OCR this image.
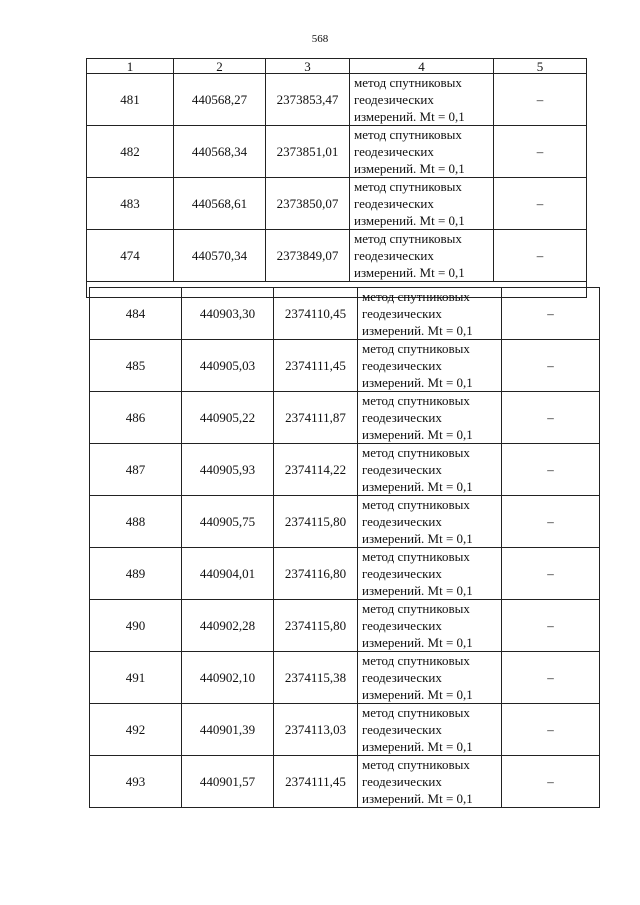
568
1	2	3	4	5
481	440568,27	2373853,47	метод спутниковых
геодезических
измерений. Mt = 0,1	–
482	440568,34	2373851,01	метод спутниковых
геодезических
измерений. Mt = 0,1	–
483	440568,61	2373850,07	метод спутниковых
геодезических
измерений. Mt = 0,1	–
474	440570,34	2373849,07	метод спутниковых
геодезических
измерений. Mt = 0,1	–

484	440903,30	2374110,45	метод спутниковых
геодезических
измерений. Mt = 0,1	–
485	440905,03	2374111,45	метод спутниковых
геодезических
измерений. Mt = 0,1	–
486	440905,22	2374111,87	метод спутниковых
геодезических
измерений. Mt = 0,1	–
487	440905,93	2374114,22	метод спутниковых
геодезических
измерений. Mt = 0,1	–
488	440905,75	2374115,80	метод спутниковых
геодезических
измерений. Mt = 0,1	–
489	440904,01	2374116,80	метод спутниковых
геодезических
измерений. Mt = 0,1	–
490	440902,28	2374115,80	метод спутниковых
геодезических
измерений. Mt = 0,1	–
491	440902,10	2374115,38	метод спутниковых
геодезических
измерений. Mt = 0,1	–
492	440901,39	2374113,03	метод спутниковых
геодезических
измерений. Mt = 0,1	–
493	440901,57	2374111,45	метод спутниковых
геодезических
измерений. Mt = 0,1	–
